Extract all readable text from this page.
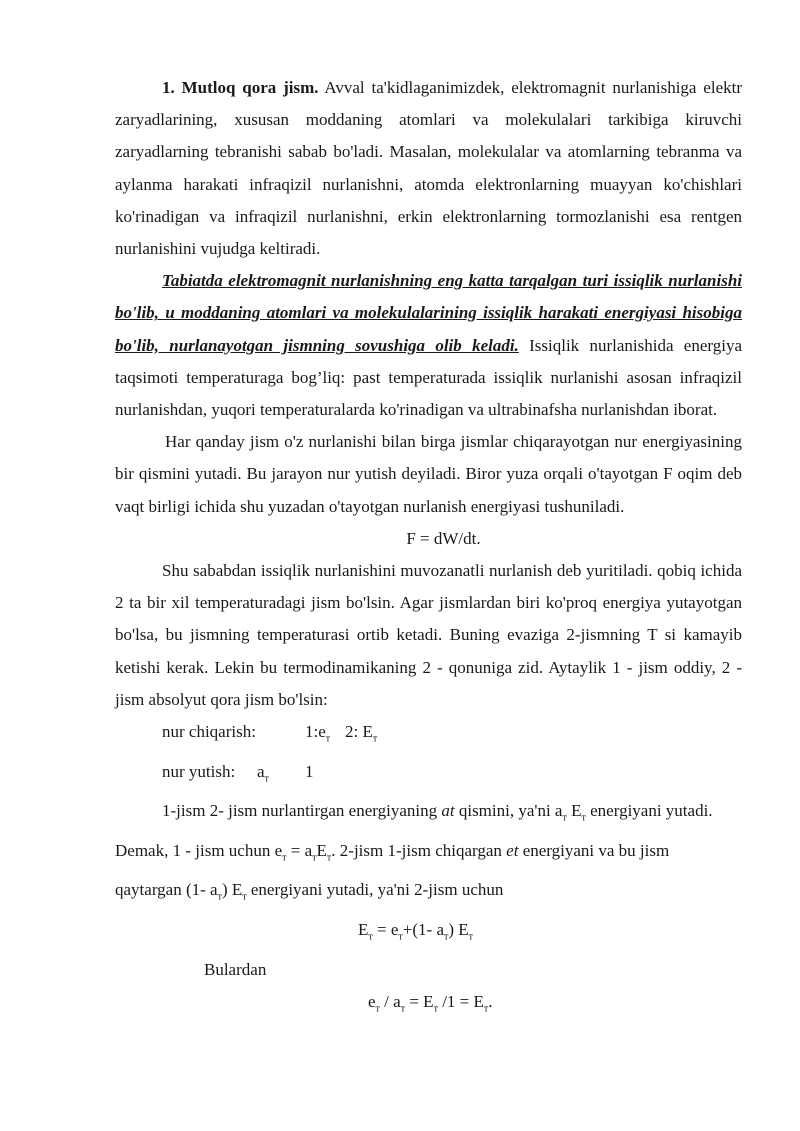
1. Mutloq qora jism. Avval ta'kidlaganimizdek, elektromagnit nurlanishiga elektr zaryadlarining, xususan moddaning atomlari va molekulalari tarkibiga kiruvchi zaryadlarning tebranishi sabab bo'ladi. Masalan, molekulalar va atomlarning tebranma va aylanma harakati infraqizil nurlanishni, atomda elektronlarning muayyan ko'chishlari ko'rinadigan va infraqizil nurlanishni, erkin elektronlarning tormozlanishi esa rentgen nurlanishini vujudga keltiradi.

Tabiatda elektromagnit nurlanishning eng katta tarqalgan turi issiqlik nurlanishi bo'lib, u moddaning atomlari va molekulalarining issiqlik harakati energiyasi hisobiga bo'lib, nurlanayotgan jismning sovushiga olib keladi. Issiqlik nurlanishida energiya taqsimoti temperaturaga bog’liq: past temperaturada issiqlik nurlanishi asosan infraqizil nurlanishdan, yuqori temperaturalarda ko'rinadigan va ultrabinafsha nurlanishdan iborat.

Har qanday jism o'z nurlanishi bilan birga jismlar chiqarayotgan nur energiyasining bir qismini yutadi. Bu jarayon nur yutish deyiladi. Biror yuza orqali o'tayotgan F oqim deb vaqt birligi ichida shu yuzadan o'tayotgan nurlanish energiyasi tushuniladi.

F = dW/dt.

Shu sababdan issiqlik nurlanishini muvozanatli nurlanish deb yuritiladi. qobiq ichida 2 ta bir xil temperaturadagi jism bo'lsin. Agar jismlardan biri ko'proq energiya yutayotgan bo'lsa, bu jismning temperaturasi ortib ketadi. Buning evaziga 2-jismning T si kamayib ketishi kerak. Lekin bu termodinamikaning 2 - qonuniga zid. Aytaylik 1 - jism oddiy, 2 - jism absolyut qora jism bo'lsin:

nur chiqarish:	$1:e_т$ 2: $E_т$

nur yutish: $a_т$ 1

1-jism 2- jism nurlantirgan energiyaning at qismini, ya'ni $a_т$ $E_т$ energiyani yutadi. Demak, 1 - jism uchun $e_т = a_тE_т$. 2-jism 1-jism chiqargan et energiyani va bu jism qaytargan (1- $a_т$) $E_т$ energiyani yutadi, ya'ni 2-jism uchun

$E_т = e_т+(1-$ $a_т$) $E_т$

Bulardan

$e_т / a_т = E_т$ $/1 = E_т$.
